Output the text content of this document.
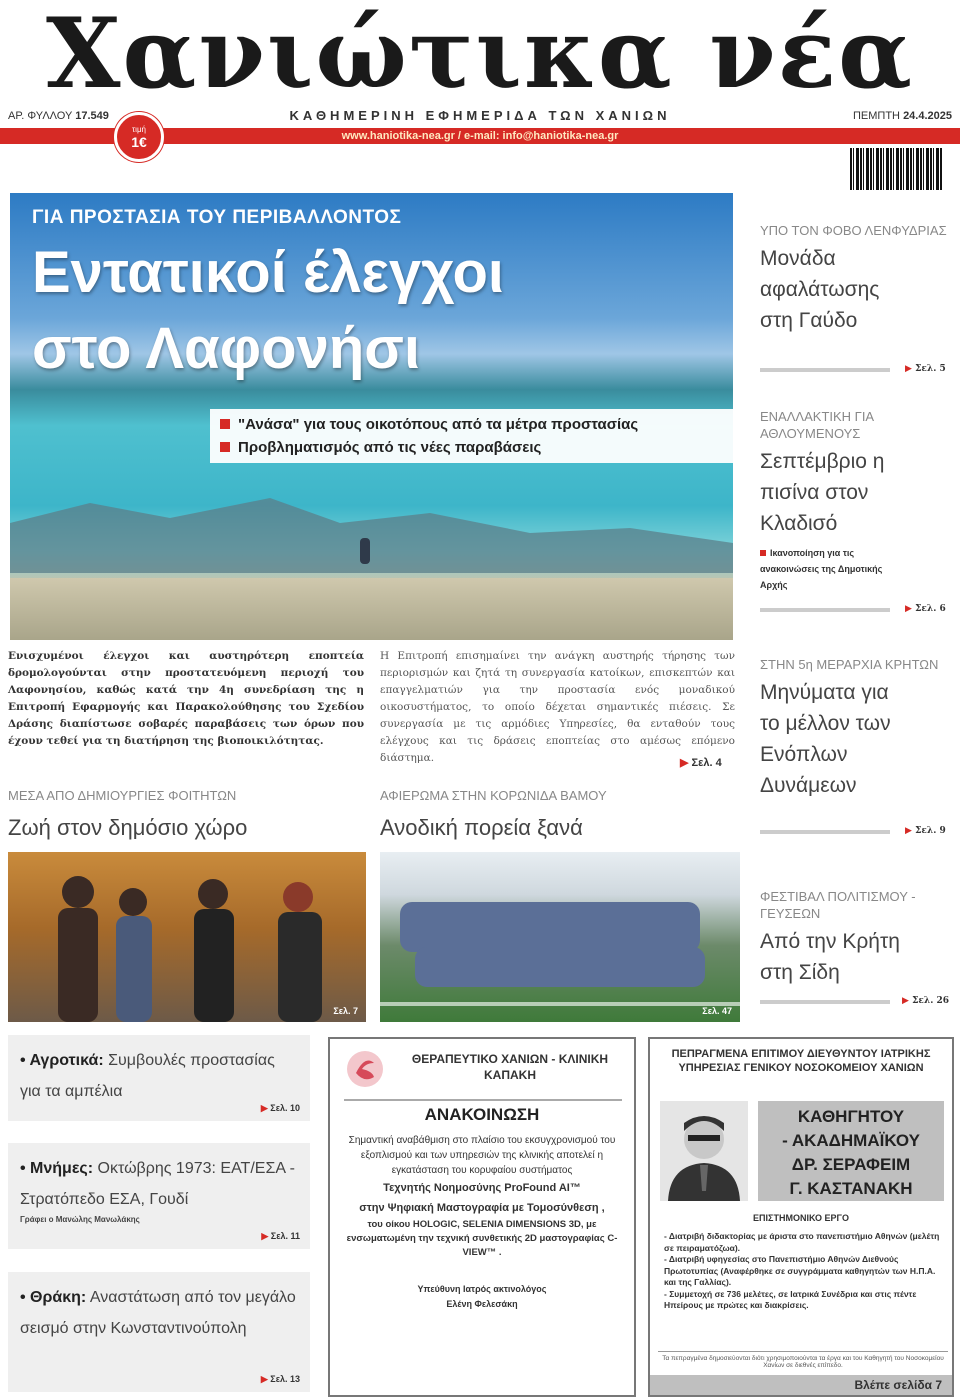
Χανιώτικα νέα
ΑΡ. ΦΥΛΛΟΥ 17.549	ΚΑΘΗΜΕΡΙΝΗ ΕΦΗΜΕΡΙΔΑ ΤΩΝ ΧΑΝΙΩΝ	ΠΕΜΠΤΗ 24.4.2025
www.haniotika-nea.gr / e-mail: info@haniotika-nea.gr
τιμή
1€
ΓΙΑ ΠΡΟΣΤΑΣΙΑ ΤΟΥ ΠΕΡΙΒΑΛΛΟΝΤΟΣ
Εντατικοί έλεγχοι
στο Λαφονήσι
"Ανάσα" για τους οικοτόπους από τα μέτρα προστασίας
Προβληματισμός από τις νέες παραβάσεις
Ενισχυμένοι έλεγχοι και αυστηρότερη εποπτεία δρομολογούνται στην προστατευόμενη περιοχή του Λαφονησίου, καθώς κατά την 4η συνεδρίαση της η Επιτροπή Εφαρμογής και Παρακολούθησης του Σχεδίου Δράσης διαπίστωσε σοβαρές παραβάσεις των όρων που έχουν τεθεί για τη διατήρηση της βιοποικιλότητας.
Η Επιτροπή επισημαίνει την ανάγκη αυστηρής τήρησης των περιορισμών και ζητά τη συνεργασία κατοίκων, επισκεπτών και επαγγελματιών για την προστασία ενός μοναδικού οικοσυστήματος, το οποίο δέχεται σημαντικές πιέσεις. Σε συνεργασία με τις αρμόδιες Υπηρεσίες, θα ενταθούν τους ελέγχους και τις δράσεις εποπτείας στο αμέσως επόμενο διάστημα.	▶ Σελ. 4
ΥΠΟ ΤΟΝ ΦΟΒΟ ΛΕΝΦΥΔΡΙΑΣ
Μονάδα αφαλάτωσης στη Γαύδο
▶ Σελ. 5
ΕΝΑΛΛΑΚΤΙΚΗ ΓΙΑ ΑΘΛΟΥΜΕΝΟΥΣ
Σεπτέμβριο η πισίνα στον Κλαδισό
Ικανοποίηση για τις ανακοινώσεις της Δημοτικής Αρχής
▶ Σελ. 6
ΣΤΗΝ 5η ΜΕΡΑΡΧΙΑ ΚΡΗΤΩΝ
Μηνύματα για το μέλλον των Ενόπλων Δυνάμεων
▶ Σελ. 9
ΦΕΣΤΙΒΑΛ ΠΟΛΙΤΙΣΜΟΥ - ΓΕΥΣΕΩΝ
Από την Κρήτη στη Σίδη
▶ Σελ. 26
ΜΕΣΑ ΑΠΟ ΔΗΜΙΟΥΡΓΙΕΣ ΦΟΙΤΗΤΩΝ
Ζωή στον δημόσιο χώρο
ΑΦΙΕΡΩΜΑ ΣΤΗΝ ΚΟΡΩΝΙΔΑ ΒΑΜΟΥ
Ανοδική πορεία ξανά
Σελ. 7	Σελ. 47
• Αγροτικά: Συμβουλές προστασίας για τα αμπέλια
▶ Σελ. 10
• Μνήμες: Οκτώβρης 1973: ΕΑΤ/ΕΣΑ - Στρατόπεδο ΕΣΑ, Γουδί
Γράφει ο Μανώλης Μανωλάκης
▶ Σελ. 11
• Θράκη: Αναστάτωση από τον μεγάλο σεισμό στην Κωνσταντινούπολη
▶ Σελ. 13
ΘΕΡΑΠΕΥΤΙΚΟ ΧΑΝΙΩΝ - ΚΛΙΝΙΚΗ ΚΑΠΑΚΗ
ΑΝΑΚΟΙΝΩΣΗ
Σημαντική αναβάθμιση στο πλαίσιο του εκσυγχρονισμού του εξοπλισμού και των υπηρεσιών της κλινικής αποτελεί η εγκατάσταση του κορυφαίου συστήματος
Τεχνητής Νοημοσύνης ProFound AI™
στην Ψηφιακή Μαστογραφία με Τομοσύνθεση ,
του οίκου HOLOGIC, SELENIA DIMENSIONS 3D, με ενσωματωμένη την τεχνική συνθετικής 2D μαστογραφίας C-VIEW™ .
Υπεύθυνη Ιατρός ακτινολόγος
Ελένη Φελεσάκη
ΠΕΠΡΑΓΜΕΝΑ ΕΠΙΤΙΜΟΥ ΔΙΕΥΘΥΝΤΟΥ ΙΑΤΡΙΚΗΣ ΥΠΗΡΕΣΙΑΣ ΓΕΝΙΚΟΥ ΝΟΣΟΚΟΜΕΙΟΥ ΧΑΝΙΩΝ
ΚΑΘΗΓΗΤΟΥ
- ΑΚΑΔΗΜΑΪΚΟΥ
ΔΡ. ΣΕΡΑΦΕΙΜ
Γ. ΚΑΣΤΑΝΑΚΗ
ΕΠΙΣΤΗΜΟΝΙΚΟ ΕΡΓΟ
- Διατριβή διδακτορίας με άριστα στο πανεπιστήμιο Αθηνών (μελέτη σε πειραματόζωα).
- Διατριβή υφηγεσίας στο Πανεπιστήμιο Αθηνών Διεθνούς Πρωτοτυπίας (Αναφέρθηκε σε συγγράμματα καθηγητών των Η.Π.Α. και της Γαλλίας).
- Συμμετοχή σε 736 μελέτες, σε Ιατρικά Συνέδρια και στις πέντε Ηπείρους με πρώτες και διακρίσεις.
Τα πεπραγμένα δημοσιεύονται διότι χρησιμοποιούνται τα έργα και του Καθηγητή του Νοσοκομείου Χανίων σε διεθνές επίπεδο.
Βλέπε σελίδα 7
